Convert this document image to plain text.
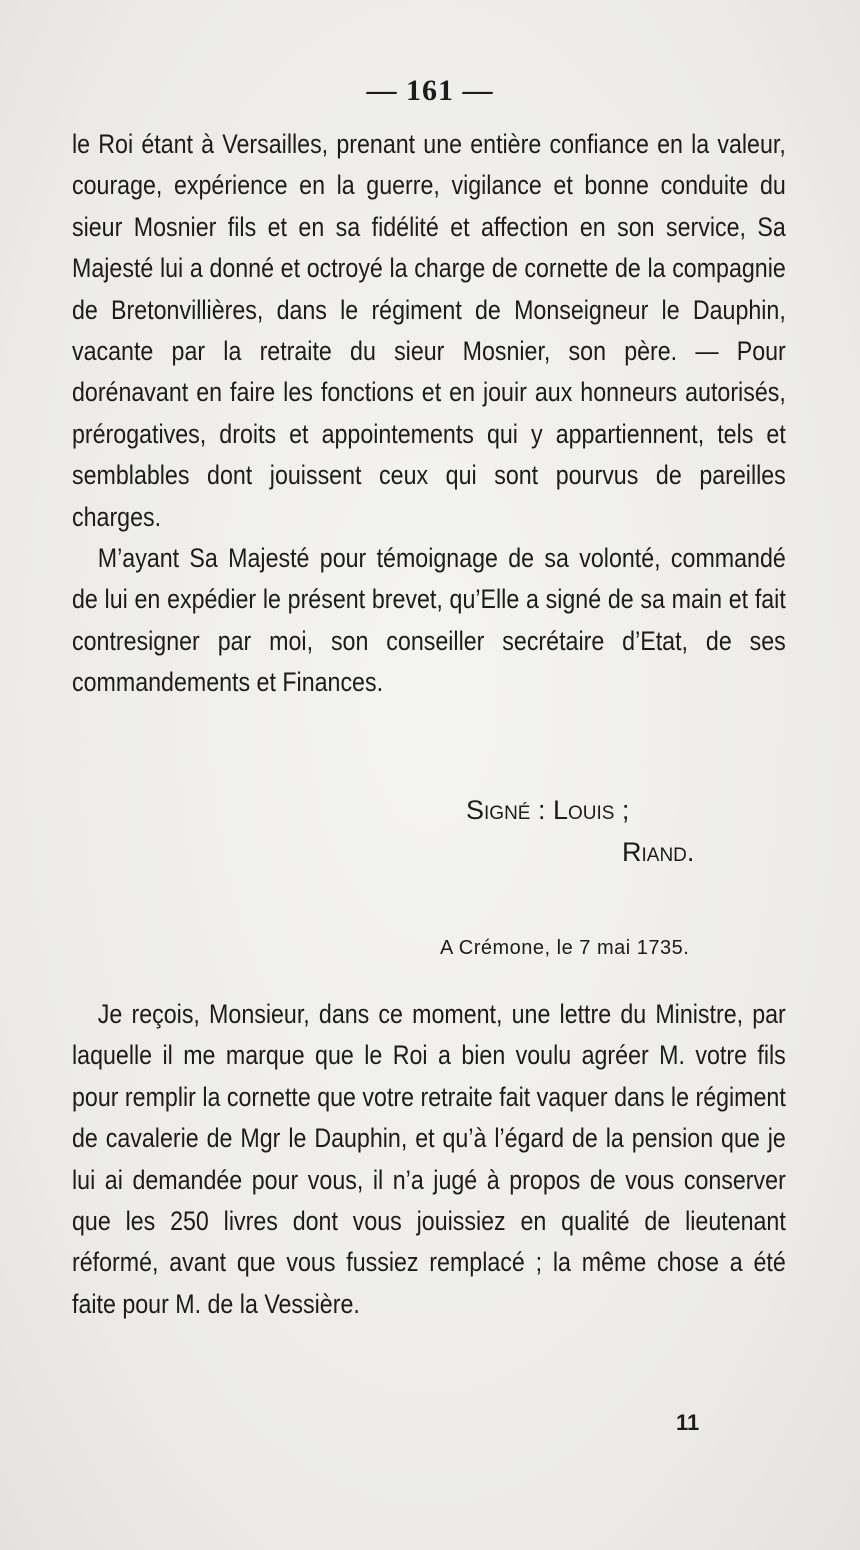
— 161 —

le Roi étant à Versailles, prenant une entière confiance en la valeur, courage, expérience en la guerre, vigilance et bonne conduite du sieur Mosnier fils et en sa fidélité et affection en son service, Sa Majesté lui a donné et octroyé la charge de cornette de la compagnie de Bretonvillières, dans le régiment de Monseigneur le Dauphin, vacante par la retraite du sieur Mosnier, son père. — Pour dorénavant en faire les fonctions et en jouir aux honneurs autorisés, prérogatives, droits et appointements qui y appartiennent, tels et semblables dont jouissent ceux qui sont pourvus de pareilles charges.

M’ayant Sa Majesté pour témoignage de sa volonté, commandé de lui en expédier le présent brevet, qu’Elle a signé de sa main et fait contresigner par moi, son conseiller secrétaire d’Etat, de ses commandements et Finances.

Signé : Louis ;
Riand.
A Crémone, le 7 mai 1735.

Je reçois, Monsieur, dans ce moment, une lettre du Ministre, par laquelle il me marque que le Roi a bien voulu agréer M. votre fils pour remplir la cornette que votre retraite fait vaquer dans le régiment de cavalerie de Mgr le Dauphin, et qu’à l’égard de la pension que je lui ai demandée pour vous, il n’a jugé à propos de vous conserver que les 250 livres dont vous jouissiez en qualité de lieutenant réformé, avant que vous fussiez remplacé ; la même chose a été faite pour M. de la Vessière.

11
